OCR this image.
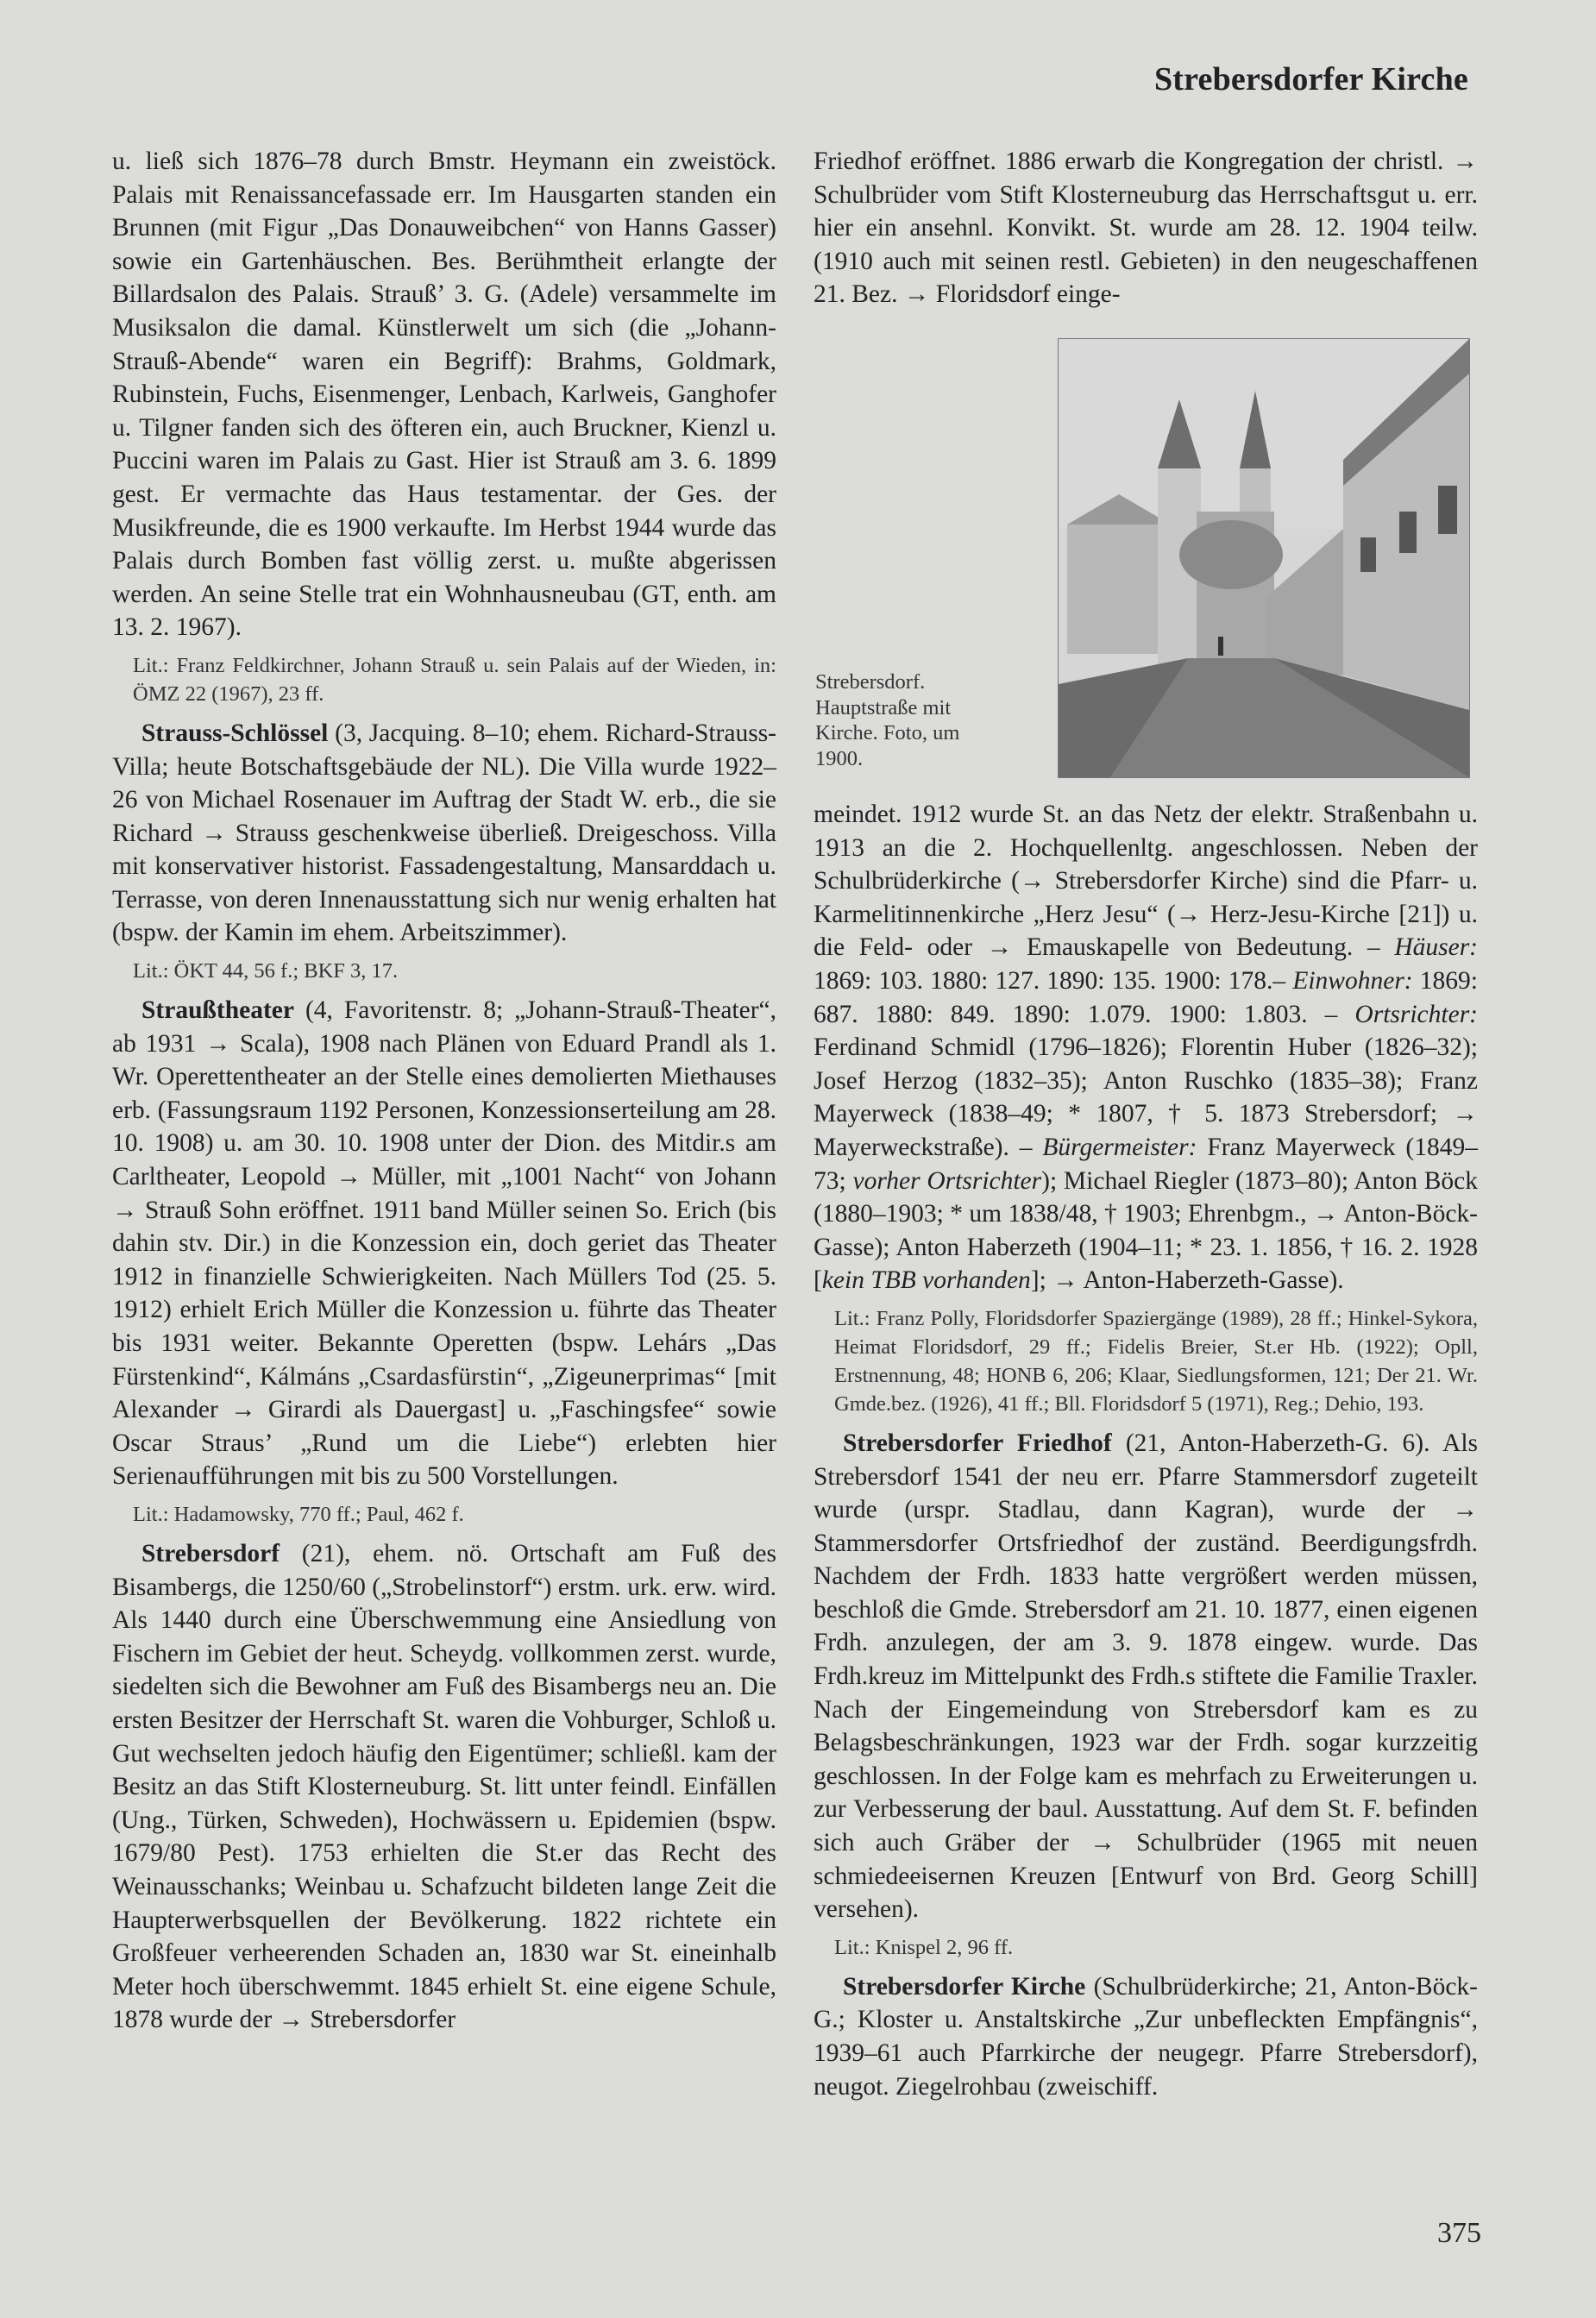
Strebersdorfer Kirche

u. ließ sich 1876–78 durch Bmstr. Heymann ein zweistöck. Palais mit Renaissancefassade err. Im Hausgarten standen ein Brunnen (mit Figur „Das Donauweibchen“ von Hanns Gasser) sowie ein Gartenhäuschen. Bes. Berühmtheit erlangte der Billardsalon des Palais. Strauß’ 3. G. (Adele) versammelte im Musiksalon die damal. Künstlerwelt um sich (die „Johann-Strauß-Abende“ waren ein Begriff): Brahms, Goldmark, Rubinstein, Fuchs, Eisenmenger, Lenbach, Karlweis, Ganghofer u. Tilgner fanden sich des öfteren ein, auch Bruckner, Kienzl u. Puccini waren im Palais zu Gast. Hier ist Strauß am 3. 6. 1899 gest. Er vermachte das Haus testamentar. der Ges. der Musikfreunde, die es 1900 verkaufte. Im Herbst 1944 wurde das Palais durch Bomben fast völlig zerst. u. mußte abgerissen werden. An seine Stelle trat ein Wohnhausneubau (GT, enth. am 13. 2. 1967).

Lit.: Franz Feldkirchner, Johann Strauß u. sein Palais auf der Wieden, in: ÖMZ 22 (1967), 23 ff.

Strauss-Schlössel (3, Jacquing. 8–10; ehem. Richard-Strauss-Villa; heute Botschaftsgebäude der NL). Die Villa wurde 1922–26 von Michael Rosenauer im Auftrag der Stadt W. erb., die sie Richard → Strauss geschenkweise überließ. Dreigeschoss. Villa mit konservativer historist. Fassadengestaltung, Mansarddach u. Terrasse, von deren Innenausstattung sich nur wenig erhalten hat (bspw. der Kamin im ehem. Arbeitszimmer).

Lit.: ÖKT 44, 56 f.; BKF 3, 17.

Straußtheater (4, Favoritenstr. 8; „Johann-Strauß-Theater“, ab 1931 → Scala), 1908 nach Plänen von Eduard Prandl als 1. Wr. Operettentheater an der Stelle eines demolierten Miethauses erb. (Fassungsraum 1192 Personen, Konzessionserteilung am 28. 10. 1908) u. am 30. 10. 1908 unter der Dion. des Mitdir.s am Carltheater, Leopold → Müller, mit „1001 Nacht“ von Johann → Strauß Sohn eröffnet. 1911 band Müller seinen So. Erich (bis dahin stv. Dir.) in die Konzession ein, doch geriet das Theater 1912 in finanzielle Schwierigkeiten. Nach Müllers Tod (25. 5. 1912) erhielt Erich Müller die Konzession u. führte das Theater bis 1931 weiter. Bekannte Operetten (bspw. Lehárs „Das Fürstenkind“, Kálmáns „Csardasfürstin“, „Zigeunerprimas“ [mit Alexander → Girardi als Dauergast] u. „Faschingsfee“ sowie Oscar Straus’ „Rund um die Liebe“) erlebten hier Serienaufführungen mit bis zu 500 Vorstellungen.

Lit.: Hadamowsky, 770 ff.; Paul, 462 f.

Strebersdorf (21), ehem. nö. Ortschaft am Fuß des Bisambergs, die 1250/60 („Strobelinstorf“) erstm. urk. erw. wird. Als 1440 durch eine Überschwemmung eine Ansiedlung von Fischern im Gebiet der heut. Scheydg. vollkommen zerst. wurde, siedelten sich die Bewohner am Fuß des Bisambergs neu an. Die ersten Besitzer der Herrschaft St. waren die Vohburger, Schloß u. Gut wechselten jedoch häufig den Eigentümer; schließl. kam der Besitz an das Stift Klosterneuburg. St. litt unter feindl. Einfällen (Ung., Türken, Schweden), Hochwässern u. Epidemien (bspw. 1679/80 Pest). 1753 erhielten die St.er das Recht des Weinausschanks; Weinbau u. Schafzucht bildeten lange Zeit die Haupterwerbsquellen der Bevölkerung. 1822 richtete ein Großfeuer verheerenden Schaden an, 1830 war St. eineinhalb Meter hoch überschwemmt. 1845 erhielt St. eine eigene Schule, 1878 wurde der → Strebersdorfer

Friedhof eröffnet. 1886 erwarb die Kongregation der christl. → Schulbrüder vom Stift Klosterneuburg das Herrschaftsgut u. err. hier ein ansehnl. Konvikt. St. wurde am 28. 12. 1904 teilw. (1910 auch mit seinen restl. Gebieten) in den neugeschaffenen 21. Bez. → Floridsdorf einge-

Strebersdorf. Hauptstraße mit Kirche. Foto, um 1900.

meindet. 1912 wurde St. an das Netz der elektr. Straßenbahn u. 1913 an die 2. Hochquellenltg. angeschlossen. Neben der Schulbrüderkirche (→ Strebersdorfer Kirche) sind die Pfarr- u. Karmelitinnenkirche „Herz Jesu“ (→ Herz-Jesu-Kirche [21]) u. die Feld- oder → Emauskapelle von Bedeutung. – Häuser: 1869: 103. 1880: 127. 1890: 135. 1900: 178.– Einwohner: 1869: 687. 1880: 849. 1890: 1.079. 1900: 1.803. – Ortsrichter: Ferdinand Schmidl (1796–1826); Florentin Huber (1826–32); Josef Herzog (1832–35); Anton Ruschko (1835–38); Franz Mayerweck (1838–49; * 1807, † 5. 1873 Strebersdorf; → Mayerweckstraße). – Bürgermeister: Franz Mayerweck (1849–73; vorher Ortsrichter); Michael Riegler (1873–80); Anton Böck (1880–1903; * um 1838/48, † 1903; Ehrenbgm., → Anton-Böck-Gasse); Anton Haberzeth (1904–11; * 23. 1. 1856, † 16. 2. 1928 [kein TBB vorhanden]; → Anton-Haberzeth-Gasse).

Lit.: Franz Polly, Floridsdorfer Spaziergänge (1989), 28 ff.; Hinkel-Sykora, Heimat Floridsdorf, 29 ff.; Fidelis Breier, St.er Hb. (1922); Opll, Erstnennung, 48; HONB 6, 206; Klaar, Siedlungsformen, 121; Der 21. Wr. Gmde.bez. (1926), 41 ff.; Bll. Floridsdorf 5 (1971), Reg.; Dehio, 193.

Strebersdorfer Friedhof (21, Anton-Haberzeth-G. 6). Als Strebersdorf 1541 der neu err. Pfarre Stammersdorf zugeteilt wurde (urspr. Stadlau, dann Kagran), wurde der → Stammersdorfer Ortsfriedhof der zuständ. Beerdigungsfrdh. Nachdem der Frdh. 1833 hatte vergrößert werden müssen, beschloß die Gmde. Strebersdorf am 21. 10. 1877, einen eigenen Frdh. anzulegen, der am 3. 9. 1878 eingew. wurde. Das Frdh.kreuz im Mittelpunkt des Frdh.s stiftete die Familie Traxler. Nach der Eingemeindung von Strebersdorf kam es zu Belagsbeschränkungen, 1923 war der Frdh. sogar kurzzeitig geschlossen. In der Folge kam es mehrfach zu Erweiterungen u. zur Verbesserung der baul. Ausstattung. Auf dem St. F. befinden sich auch Gräber der → Schulbrüder (1965 mit neuen schmiedeeisernen Kreuzen [Entwurf von Brd. Georg Schill] versehen).

Lit.: Knispel 2, 96 ff.

Strebersdorfer Kirche (Schulbrüderkirche; 21, Anton-Böck-G.; Kloster u. Anstaltskirche „Zur unbefleckten Empfängnis“, 1939–61 auch Pfarrkirche der neugegr. Pfarre Strebersdorf), neugot. Ziegelrohbau (zweischiff.

375
